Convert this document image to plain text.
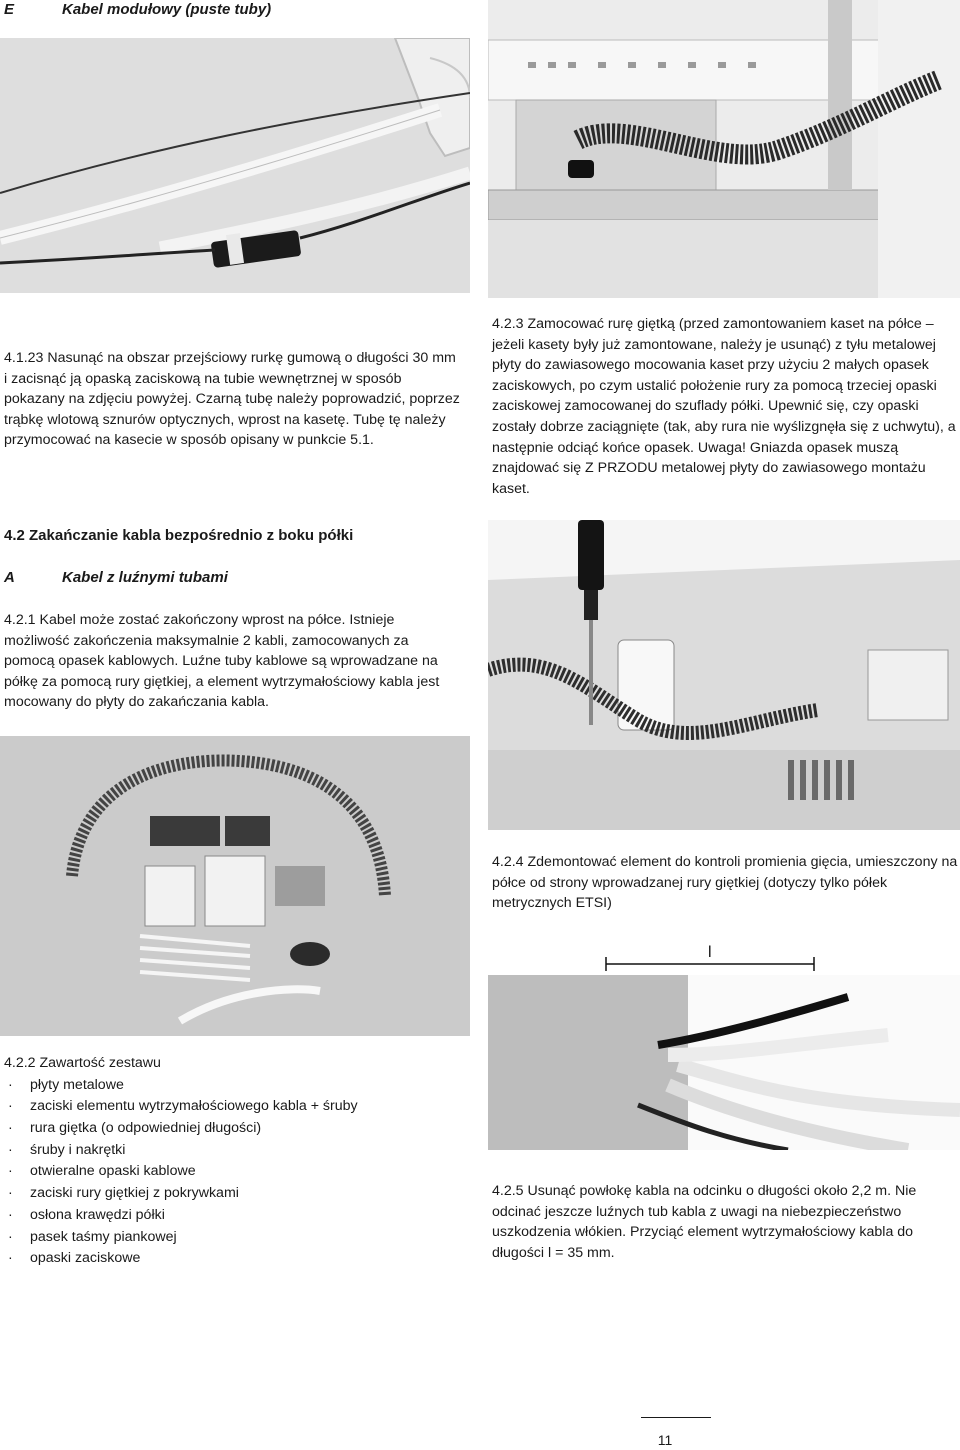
E	Kabel modułowy (puste tuby)

4.1.23 Nasunąć na obszar przejściowy rurkę gumową o długości 30 mm i zacisnąć ją opaską zaciskową na tubie wewnętrznej w sposób pokazany na zdjęciu powyżej. Czarną tubę należy poprowadzić, poprzez trąbkę wlotową sznurów optycznych, wprost na kasetę. Tubę tę należy przymocować na kasecie w sposób opisany w punkcie 5.1.

4.2.3 Zamocować rurę giętką (przed zamontowaniem kaset na półce – jeżeli kasety były już zamontowane, należy je usunąć) z tyłu metalowej płyty do zawiasowego mocowania kaset przy użyciu 2 małych opasek zaciskowych, po czym ustalić położenie rury za pomocą trzeciej opaski zaciskowej zamocowanej do szuflady półki. Upewnić się, czy opaski zostały dobrze zaciągnięte (tak, aby rura nie wyślizgnęła się z uchwytu), a następnie odciąć końce opasek. Uwaga! Gniazda opasek muszą znajdować się Z PRZODU metalowej płyty do zawiasowego montażu kaset.

4.2 Zakańczanie kabla bezpośrednio z boku półki
A	Kabel z luźnymi tubami

4.2.1 Kabel może zostać zakończony wprost na półce. Istnieje możliwość zakończenia maksymalnie 2 kabli, zamocowanych za pomocą opasek kablowych. Luźne tuby kablowe są wprowadzane na półkę za pomocą rury giętkiej, a element wytrzymałościowy kabla jest mocowany do płyty do zakańczania kabla.

4.2.4 Zdemontować element do kontroli promienia gięcia, umieszczony na półce od strony wprowadzanej rury giętkiej (dotyczy tylko półek metrycznych ETSI)

l
4.2.2 Zawartość zestawu
· płyty metalowe
· zaciski elementu wytrzymałościowego kabla + śruby
· rura giętka (o odpowiedniej długości)
· śruby i nakrętki
· otwieralne opaski kablowe
· zaciski rury giętkiej z pokrywkami
· osłona krawędzi półki
· pasek taśmy piankowej
· opaski zaciskowe

4.2.5 Usunąć powłokę kabla na odcinku o długości około 2,2 m. Nie odcinać jeszcze luźnych tub kabla z uwagi na niebezpieczeństwo uszkodzenia włókien. Przyciąć element wytrzymałościowy kabla do długości l = 35 mm.

11
